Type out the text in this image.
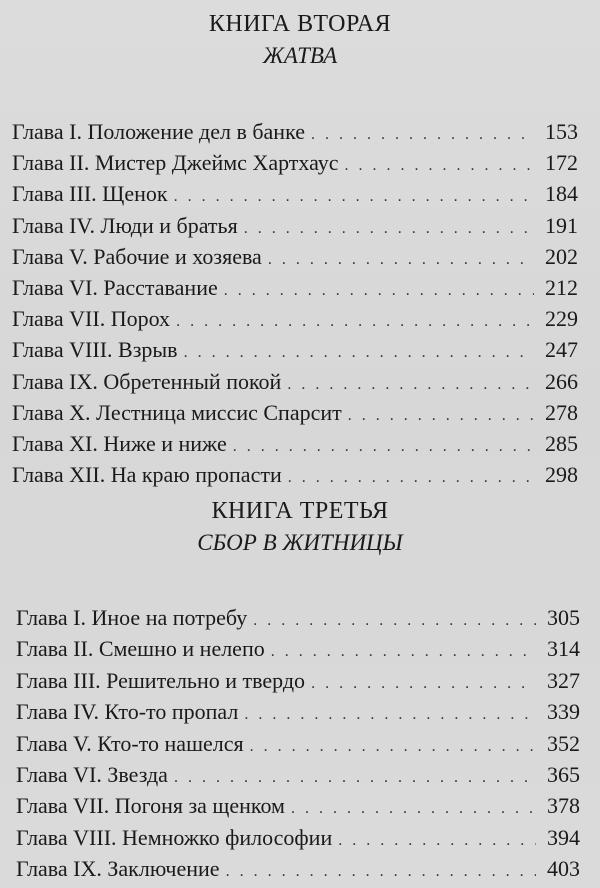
КНИГА ВТОРАЯ
ЖАТВА
Глава I. Положение дел в банке . . .	153
Глава II. Мистер Джеймс Хартхаус . . .	172
Глава III. Щенок . . .	184
Глава IV. Люди и братья . . .	191
Глава V. Рабочие и хозяева . . .	202
Глава VI. Расставание . . .	212
Глава VII. Порох . . .	229
Глава VIII. Взрыв . . .	247
Глава IX. Обретенный покой . . .	266
Глава X. Лестница миссис Спарсит . . .	278
Глава XI. Ниже и ниже . . .	285
Глава XII. На краю пропасти . . .	298
КНИГА ТРЕТЬЯ
СБОР В ЖИТНИЦЫ
Глава I. Иное на потребу . . .	305
Глава II. Смешно и нелепо . . .	314
Глава III. Решительно и твердо . . .	327
Глава IV. Кто-то пропал . . .	339
Глава V. Кто-то нашелся . . .	352
Глава VI. Звезда . . .	365
Глава VII. Погоня за щенком . . .	378
Глава VIII. Немножко философии . . .	394
Глава IX. Заключение . . .	403
